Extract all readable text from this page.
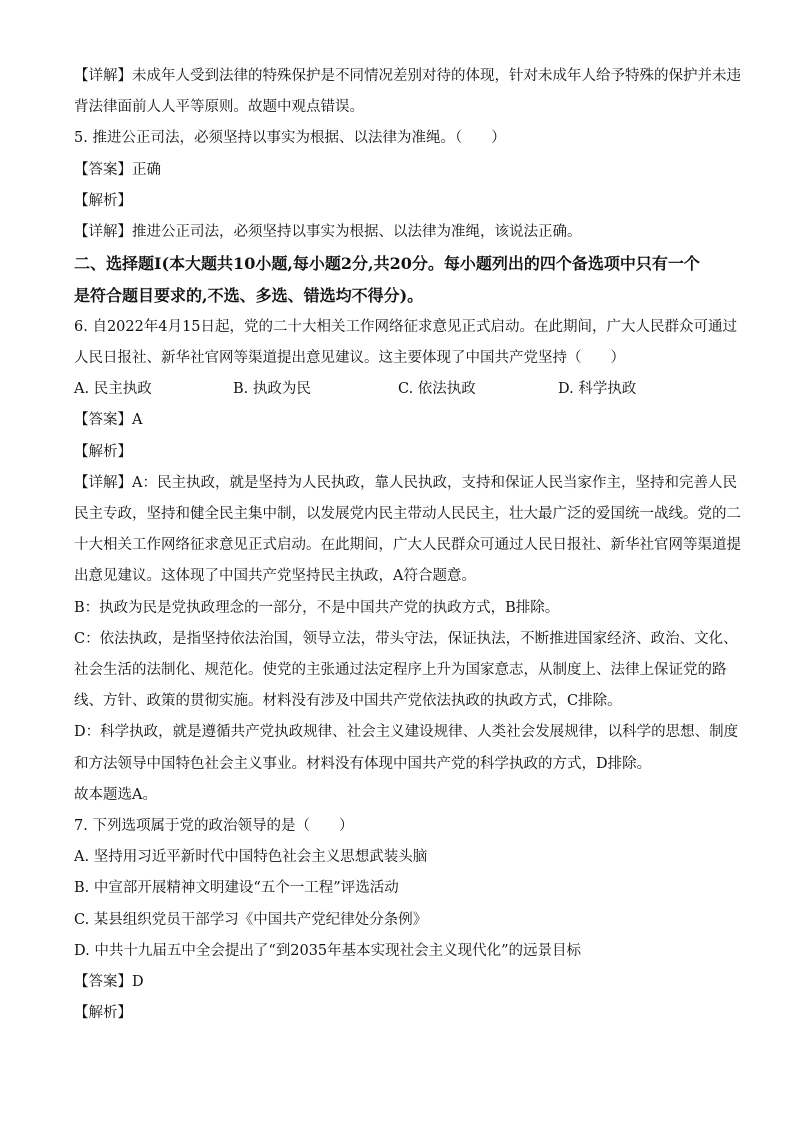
【详解】未成年人受到法律的特殊保护是不同情况差别对待的体现，针对未成年人给予特殊的保护并未违
背法律面前人人平等原则。故题中观点错误。
5. 推进公正司法，必须坚持以事实为根据、以法律为准绳。（　　）
【答案】正确
【解析】
【详解】推进公正司法，必须坚持以事实为根据、以法律为准绳，该说法正确。
二、选择题Ⅰ(本大题共10小题,每小题2分,共20分。每小题列出的四个备选项中只有一个
是符合题目要求的,不选、多选、错选均不得分)。
6. 自2022年4月15日起，党的二十大相关工作网络征求意见正式启动。在此期间，广大人民群众可通过
人民日报社、新华社官网等渠道提出意见建议。这主要体现了中国共产党坚持（　　）
A. 民主执政	B. 执政为民	C. 依法执政	D. 科学执政
【答案】A
【解析】
【详解】A：民主执政，就是坚持为人民执政，靠人民执政，支持和保证人民当家作主，坚持和完善人民
民主专政，坚持和健全民主集中制，以发展党内民主带动人民民主，壮大最广泛的爱国统一战线。党的二
十大相关工作网络征求意见正式启动。在此期间，广大人民群众可通过人民日报社、新华社官网等渠道提
出意见建议。这体现了中国共产党坚持民主执政，A符合题意。
B：执政为民是党执政理念的一部分，不是中国共产党的执政方式，B排除。
C：依法执政，是指坚持依法治国，领导立法，带头守法，保证执法，不断推进国家经济、政治、文化、
社会生活的法制化、规范化。使党的主张通过法定程序上升为国家意志，从制度上、法律上保证党的路
线、方针、政策的贯彻实施。材料没有涉及中国共产党依法执政的执政方式，C排除。
D：科学执政，就是遵循共产党执政规律、社会主义建设规律、人类社会发展规律，以科学的思想、制度
和方法领导中国特色社会主义事业。材料没有体现中国共产党的科学执政的方式，D排除。
故本题选A。
7. 下列选项属于党的政治领导的是（　　）
A. 坚持用习近平新时代中国特色社会主义思想武装头脑
B. 中宣部开展精神文明建设“五个一工程”评选活动
C. 某县组织党员干部学习《中国共产党纪律处分条例》
D. 中共十九届五中全会提出了“到2035年基本实现社会主义现代化”的远景目标
【答案】D
【解析】
